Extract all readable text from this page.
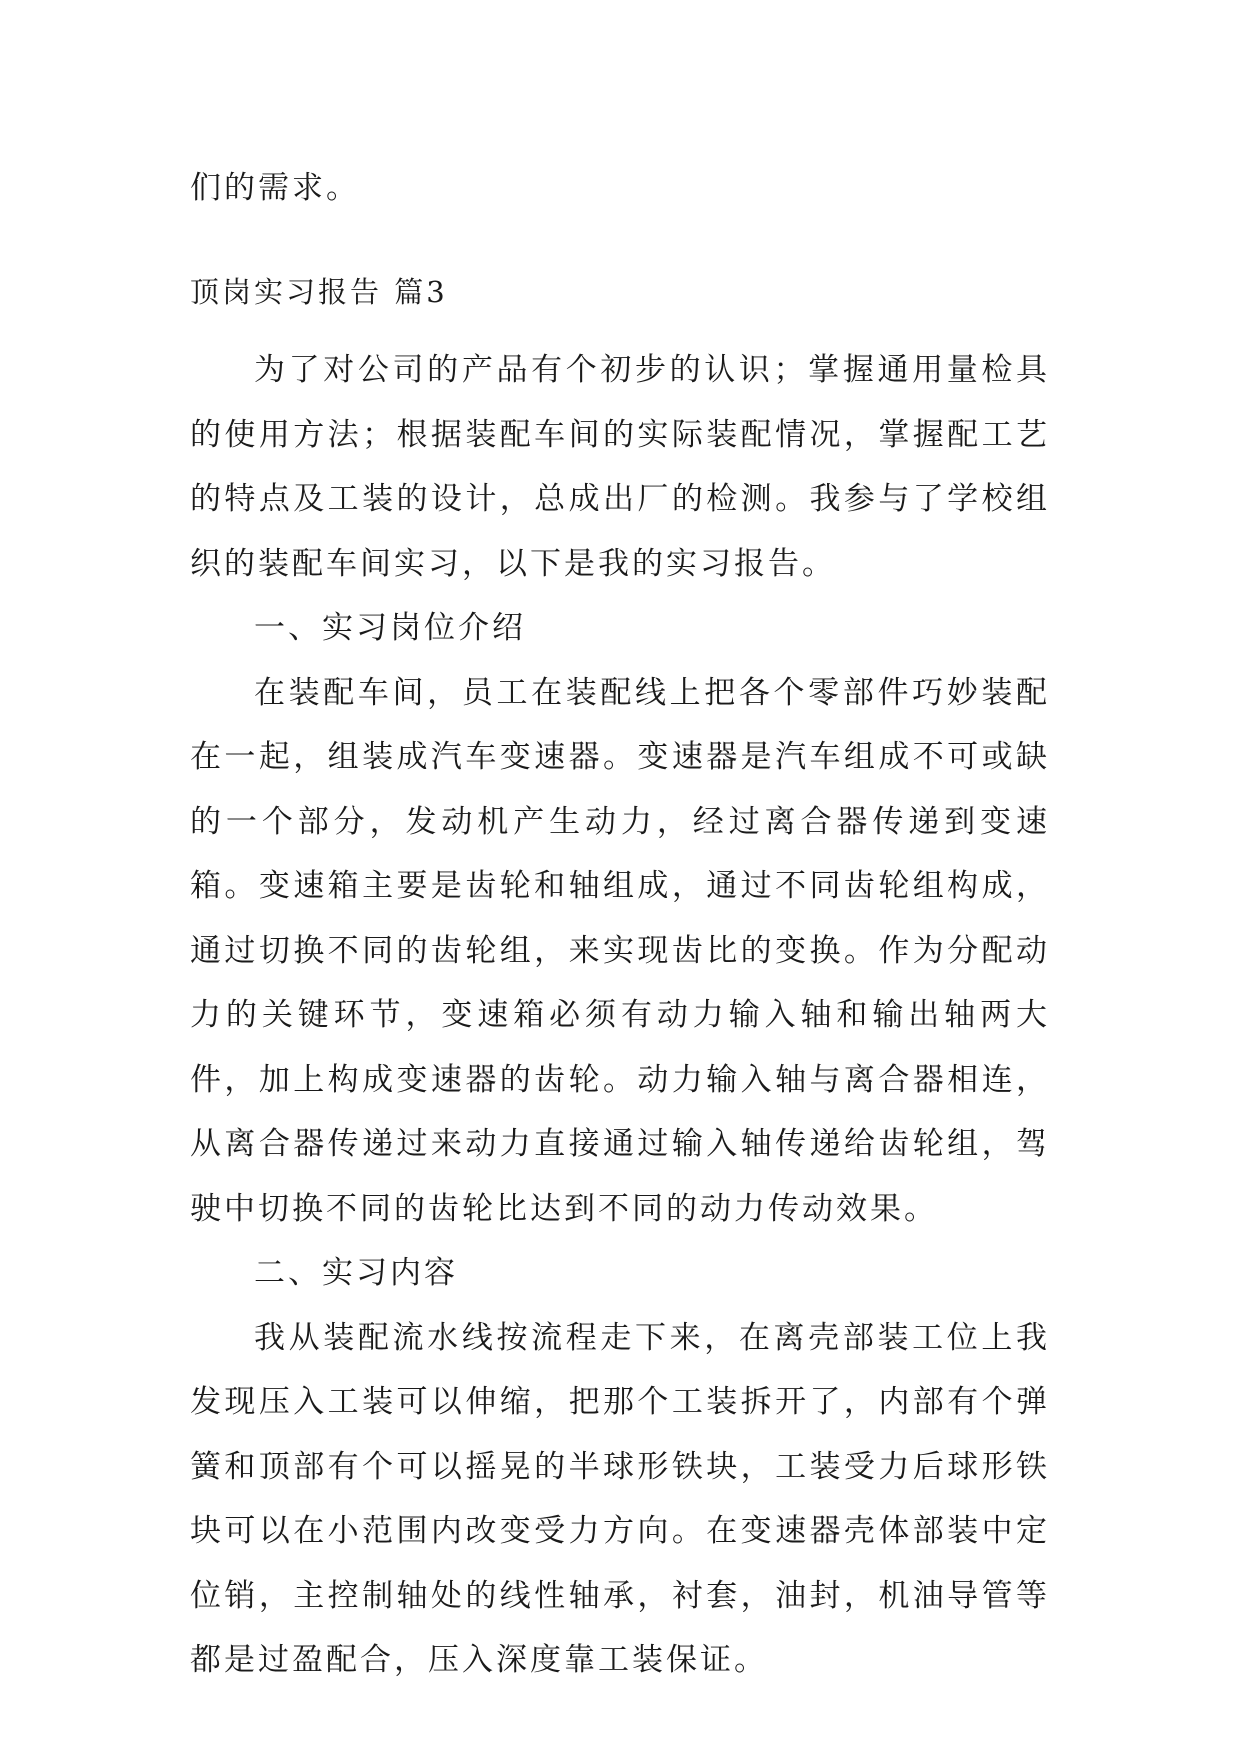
们的需求。

顶岗实习报告 篇3

为了对公司的产品有个初步的认识；掌握通用量检具的使用方法；根据装配车间的实际装配情况，掌握配工艺的特点及工装的设计，总成出厂的检测。我参与了学校组织的装配车间实习，以下是我的实习报告。

一、实习岗位介绍

在装配车间，员工在装配线上把各个零部件巧妙装配在一起，组装成汽车变速器。变速器是汽车组成不可或缺的一个部分，发动机产生动力，经过离合器传递到变速箱。变速箱主要是齿轮和轴组成，通过不同齿轮组构成，通过切换不同的齿轮组，来实现齿比的变换。作为分配动力的关键环节，变速箱必须有动力输入轴和输出轴两大件，加上构成变速器的齿轮。动力输入轴与离合器相连，从离合器传递过来动力直接通过输入轴传递给齿轮组，驾驶中切换不同的齿轮比达到不同的动力传动效果。

二、实习内容

我从装配流水线按流程走下来，在离壳部装工位上我发现压入工装可以伸缩，把那个工装拆开了，内部有个弹簧和顶部有个可以摇晃的半球形铁块，工装受力后球形铁块可以在小范围内改变受力方向。在变速器壳体部装中定位销，主控制轴处的线性轴承，衬套，油封，机油导管等都是过盈配合，压入深度靠工装保证。
